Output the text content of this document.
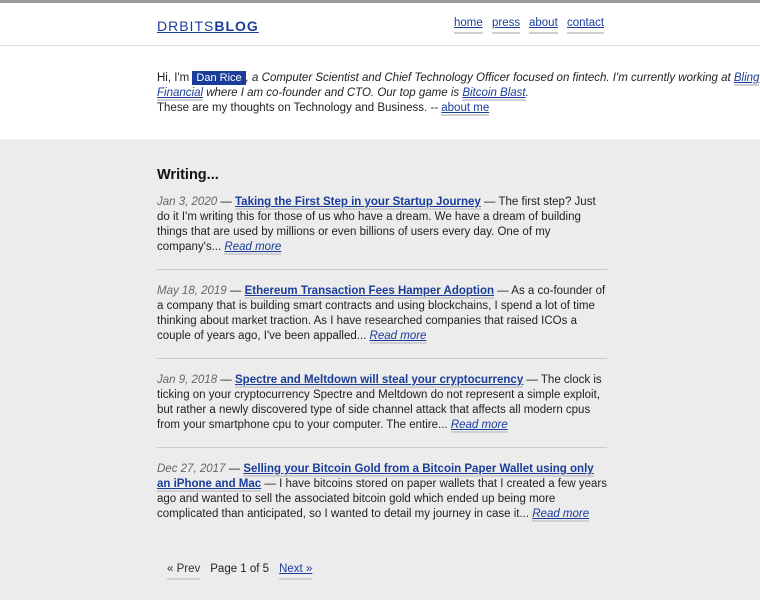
DRBITSBLOG	home press about contact
Hi, I'm Dan Rice , a Computer Scientist and Chief Technology Officer focused on fintech. I'm currently working at Bling Financial where I am co-founder and CTO. Our top game is Bitcoin Blast.
These are my thoughts on Technology and Business. -- about me
Writing...
Jan 3, 2020 — Taking the First Step in your Startup Journey — The first step? Just do it I'm writing this for those of us who have a dream. We have a dream of building things that are used by millions or even billions of users every day. One of my company's... Read more
May 18, 2019 — Ethereum Transaction Fees Hamper Adoption — As a co-founder of a company that is building smart contracts and using blockchains, I spend a lot of time thinking about market traction. As I have researched companies that raised ICOs a couple of years ago, I've been appalled... Read more
Jan 9, 2018 — Spectre and Meltdown will steal your cryptocurrency — The clock is ticking on your cryptocurrency Spectre and Meltdown do not represent a simple exploit, but rather a newly discovered type of side channel attack that affects all modern cpus from your smartphone cpu to your computer. The entire... Read more
Dec 27, 2017 — Selling your Bitcoin Gold from a Bitcoin Paper Wallet using only an iPhone and Mac — I have bitcoins stored on paper wallets that I created a few years ago and wanted to sell the associated bitcoin gold which ended up being more complicated than anticipated, so I wanted to detail my journey in case it... Read more
« Prev Page 1 of 5 Next »
